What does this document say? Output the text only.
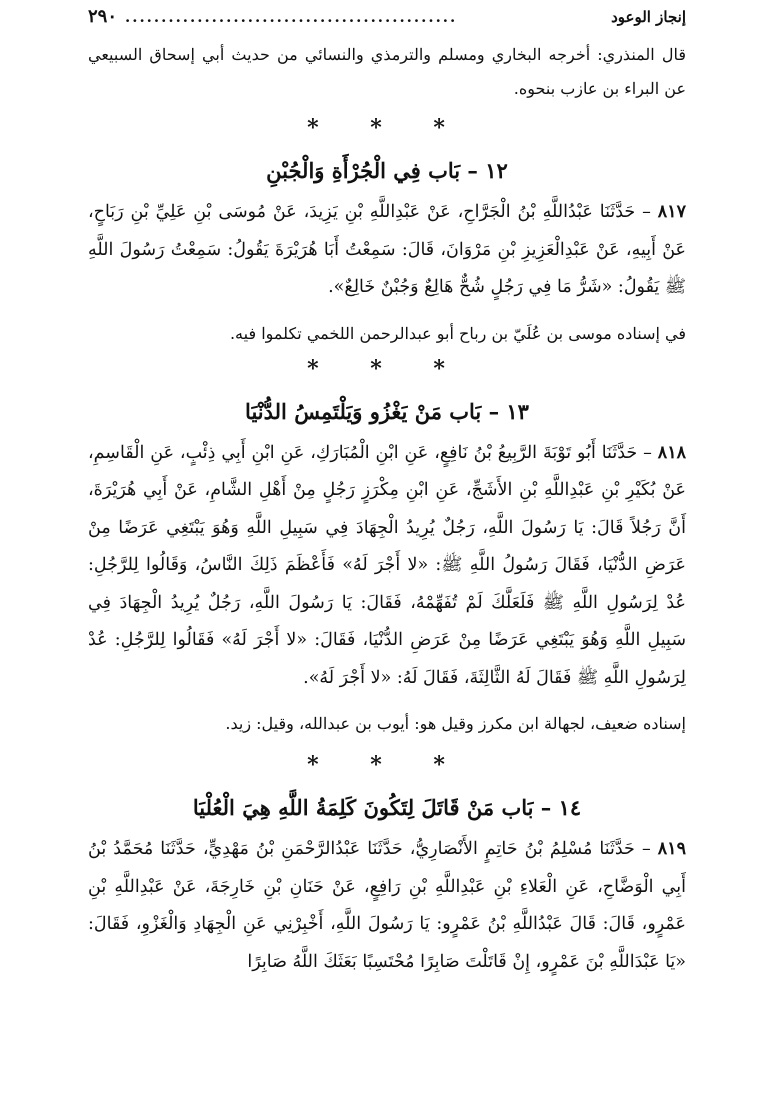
٢٩٠ ..............................................	إنجاز الوعود

قال المنذري: أخرجه البخاري ومسلم والترمذي والنسائي من حديث أبي إسحاق السبيعي عن البراء بن عازب بنحوه.

* * *
١٢ – بَاب فِي الْجُرْأَةِ وَالْجُبْنِ

٨١٧ – حَدَّثَنَا عَبْدُاللَّهِ بْنُ الْجَرَّاحِ، عَنْ عَبْدِاللَّهِ بْنِ يَزِيدَ، عَنْ مُوسَى بْنِ عَلِيِّ بْنِ رَبَاحٍ، عَنْ أَبِيهِ، عَنْ عَبْدِالْعَزِيزِ بْنِ مَرْوَانَ، قَالَ: سَمِعْتُ أَبَا هُرَيْرَةَ يَقُولُ: سَمِعْتُ رَسُولَ اللَّهِ ﷺ يَقُولُ: «شَرُّ مَا فِي رَجُلٍ شُحٌّ هَالِعٌ وَجُبْنٌ خَالِعٌ».

في إسناده موسى بن عُلَيّ بن رباح أبو عبدالرحمن اللخمي تكلموا فيه.

* * *
١٣ – بَاب مَنْ يَغْزُو وَيَلْتَمِسُ الدُّنْيَا

٨١٨ – حَدَّثَنَا أَبُو تَوْبَةَ الرَّبِيعُ بْنُ نَافِعٍ، عَنِ ابْنِ الْمُبَارَكِ، عَنِ ابْنِ أَبِي ذِئْبٍ، عَنِ الْقَاسِمِ، عَنْ بُكَيْرِ بْنِ عَبْدِاللَّهِ بْنِ الأَشَجِّ، عَنِ ابْنِ مِكْرَزٍ رَجُلٍ مِنْ أَهْلِ الشَّامِ، عَنْ أَبِي هُرَيْرَةَ، أَنَّ رَجُلاً قَالَ: يَا رَسُولَ اللَّهِ، رَجُلٌ يُرِيدُ الْجِهَادَ فِي سَبِيلِ اللَّهِ وَهُوَ يَبْتَغِي عَرَضًا مِنْ عَرَضِ الدُّنْيَا، فَقَالَ رَسُولُ اللَّهِ ﷺ: «لا أَجْرَ لَهُ» فَأَعْظَمَ ذَلِكَ النَّاسُ، وَقَالُوا لِلرَّجُلِ: عُدْ لِرَسُولِ اللَّهِ ﷺ فَلَعَلَّكَ لَمْ تُفَهِّمْهُ، فَقَالَ: يَا رَسُولَ اللَّهِ، رَجُلٌ يُرِيدُ الْجِهَادَ فِي سَبِيلِ اللَّهِ وَهُوَ يَبْتَغِي عَرَضًا مِنْ عَرَضِ الدُّنْيَا، فَقَالَ: «لا أَجْرَ لَهُ» فَقَالُوا لِلرَّجُلِ: عُدْ لِرَسُولِ اللَّهِ ﷺ فَقَالَ لَهُ الثَّالِثَةَ، فَقَالَ لَهُ: «لا أَجْرَ لَهُ».

إسناده ضعيف، لجهالة ابن مكرز وقيل هو: أيوب بن عبدالله، وقيل: زيد.

* * *
١٤ – بَاب مَنْ قَاتَلَ لِتَكُونَ كَلِمَةُ اللَّهِ هِيَ الْعُلْيَا

٨١٩ – حَدَّثَنَا مُسْلِمُ بْنُ حَاتِمٍ الأَنْصَارِيُّ، حَدَّثَنَا عَبْدُالرَّحْمَنِ بْنُ مَهْدِيٍّ، حَدَّثَنَا مُحَمَّدُ بْنُ أَبِي الْوَضَّاحِ، عَنِ الْعَلاءِ بْنِ عَبْدِاللَّهِ بْنِ رَافِعٍ، عَنْ حَنَانِ بْنِ خَارِجَةَ، عَنْ عَبْدِاللَّهِ بْنِ عَمْرٍو، قَالَ: قَالَ عَبْدُاللَّهِ بْنُ عَمْرٍو: يَا رَسُولَ اللَّهِ، أَخْبِرْنِي عَنِ الْجِهَادِ وَالْغَزْوِ، فَقَالَ: «يَا عَبْدَاللَّهِ بْنَ عَمْرٍو، إِنْ قَاتَلْتَ صَابِرًا مُحْتَسِبًا بَعَثَكَ اللَّهُ صَابِرًا
